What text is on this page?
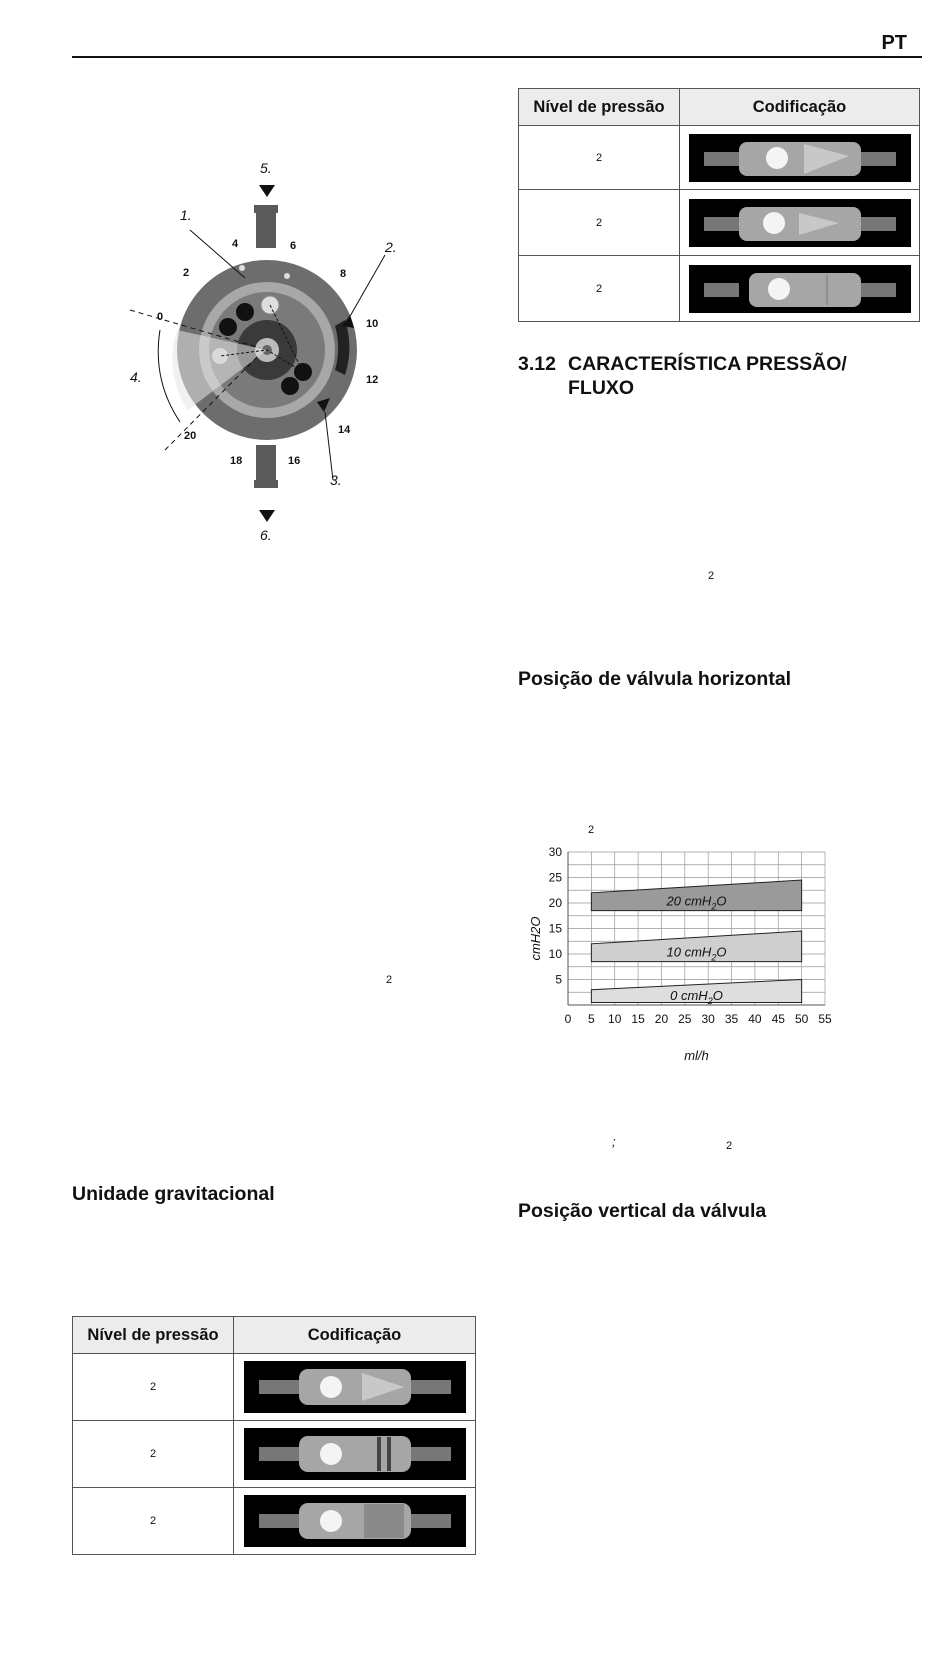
PT
5.
1.
2.
4.
3.
6.
0
2
4	6
8
10
12
14
16
18
20
Nível de pressão	Codificação
2	

2	

2	
3.12 CARACTERÍSTICA PRESSÃO/ FLUXO
2
Posição de válvula horizontal
2
20 cmH$_2$O
10 cmH$_2$O
0 cmH$_2$O
0 5 10 15 20 25 30 35 40 45 50 55
5
10
15
20
25
30
ml/h
cmH2O
;	2
Posição vertical da válvula
2
Unidade gravitacional
Nível de pressão	Codificação
2	

2	

2	
